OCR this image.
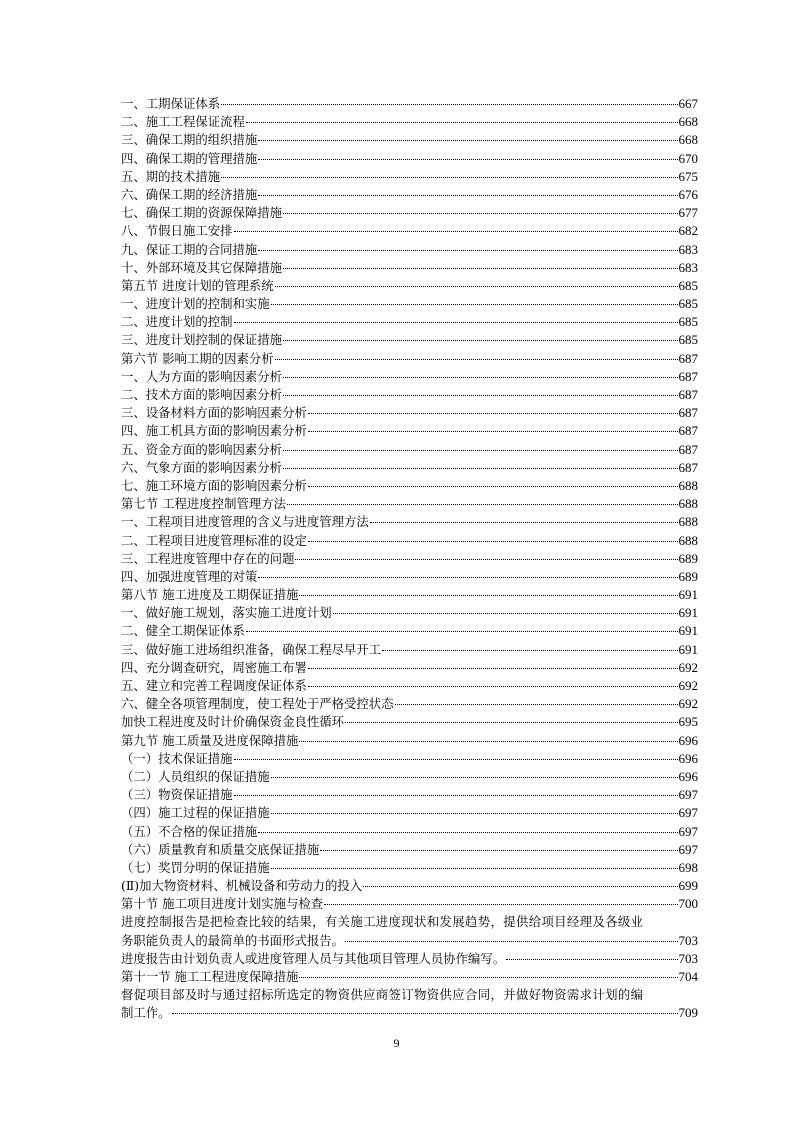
一、工期保证体系	667
二、施工工程保证流程	668
三、确保工期的组织措施	668
四、确保工期的管理措施	670
五、期的技术措施	675
六、确保工期的经济措施	676
七、确保工期的资源保障措施	677
八、节假日施工安排	682
九、保证工期的合同措施	683
十、外部环境及其它保障措施	683
第五节 进度计划的管理系统	685
一、进度计划的控制和实施	685
二、进度计划的控制	685
三、进度计划控制的保证措施	685
第六节 影响工期的因素分析	687
一、人为方面的影响因素分析	687
二、技术方面的影响因素分析	687
三、设备材料方面的影响因素分析	687
四、施工机具方面的影响因素分析	687
五、资金方面的影响因素分析	687
六、气象方面的影响因素分析	687
七、施工环境方面的影响因素分析	688
第七节 工程进度控制管理方法	688
一、工程项目进度管理的含义与进度管理方法	688
二、工程项目进度管理标准的设定	688
三、工程进度管理中存在的问题	689
四、加强进度管理的对策	689
第八节 施工进度及工期保证措施	691
一、做好施工规划，落实施工进度计划	691
二、健全工期保证体系	691
三、做好施工进场组织准备，确保工程尽早开工	691
四、充分调查研究，周密施工布署	692
五、建立和完善工程调度保证体系	692
六、健全各项管理制度，使工程处于严格受控状态	692
加快工程进度及时计价确保资金良性循环	695
第九节 施工质量及进度保障措施	696
（一）技术保证措施	696
（二）人员组织的保证措施	696
（三）物资保证措施	697
（四）施工过程的保证措施	697
（五）不合格的保证措施	697
（六）质量教育和质量交底保证措施	697
（七）奖罚分明的保证措施	698
(Ⅱ)加大物资材料、机械设备和劳动力的投入	699
第十节 施工项目进度计划实施与检查	700
进度控制报告是把检查比较的结果，有关施工进度现状和发展趋势，提供给项目经理及各级业
务职能负责人的最简单的书面形式报告。	703
进度报告由计划负责人或进度管理人员与其他项目管理人员协作编写。	703
第十一节 施工工程进度保障措施	704
督促项目部及时与通过招标所选定的物资供应商签订物资供应合同，并做好物资需求计划的编
制工作。	709
9
